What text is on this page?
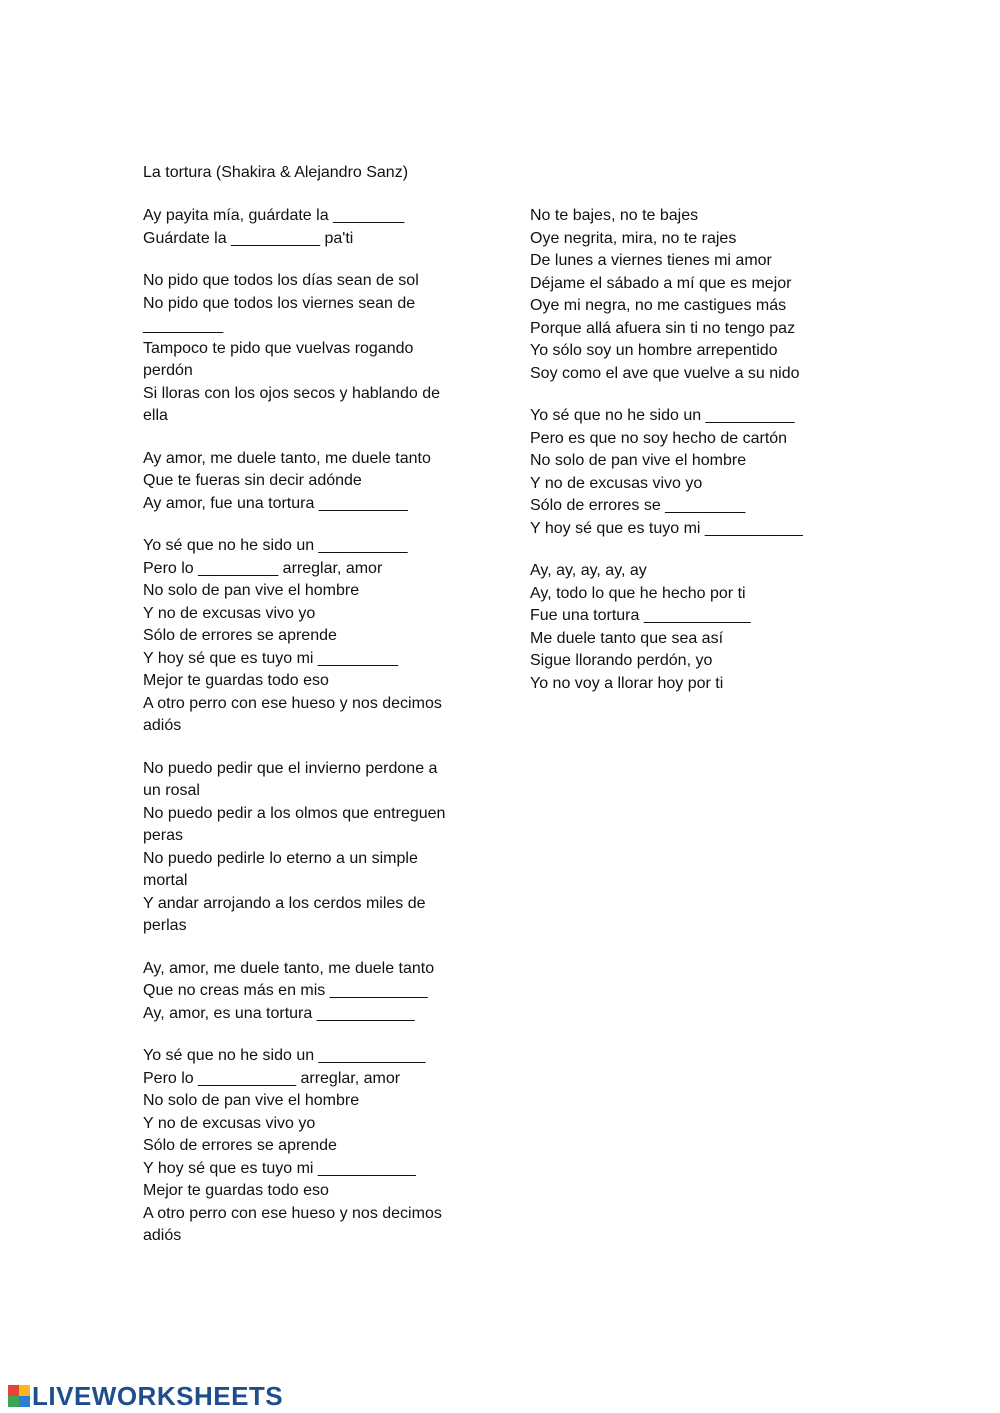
La tortura (Shakira & Alejandro Sanz)
Ay payita mía, guárdate la ________
Guárdate la __________ pa'ti
No pido que todos los días sean de sol
No pido que todos los viernes sean de
_________
Tampoco te pido que vuelvas rogando
perdón
Si lloras con los ojos secos y hablando de
ella
Ay amor, me duele tanto, me duele tanto
Que te fueras sin decir adónde
Ay amor, fue una tortura __________
Yo sé que no he sido un __________
Pero lo _________ arreglar, amor
No solo de pan vive el hombre
Y no de excusas vivo yo
Sólo de errores se aprende
Y hoy sé que es tuyo mi _________
Mejor te guardas todo eso
A otro perro con ese hueso y nos decimos
adiós
No puedo pedir que el invierno perdone a
un rosal
No puedo pedir a los olmos que entreguen
peras
No puedo pedirle lo eterno a un simple
mortal
Y andar arrojando a los cerdos miles de
perlas
Ay, amor, me duele tanto, me duele tanto
Que no creas más en mis ___________
Ay, amor, es una tortura ___________
Yo sé que no he sido un ____________
Pero lo ___________ arreglar, amor
No solo de pan vive el hombre
Y no de excusas vivo yo
Sólo de errores se aprende
Y hoy sé que es tuyo mi ___________
Mejor te guardas todo eso
A otro perro con ese hueso y nos decimos
adiós
No te bajes, no te bajes
Oye negrita, mira, no te rajes
De lunes a viernes tienes mi amor
Déjame el sábado a mí que es mejor
Oye mi negra, no me castigues más
Porque allá afuera sin ti no tengo paz
Yo sólo soy un hombre arrepentido
Soy como el ave que vuelve a su nido
Yo sé que no he sido un __________
Pero es que no soy hecho de cartón
No solo de pan vive el hombre
Y no de excusas vivo yo
Sólo de errores se _________
Y hoy sé que es tuyo mi ___________
Ay, ay, ay, ay, ay
Ay, todo lo que he hecho por ti
Fue una tortura ____________
Me duele tanto que sea así
Sigue llorando perdón, yo
Yo no voy a llorar hoy por ti
LIVEWORKSHEETS
